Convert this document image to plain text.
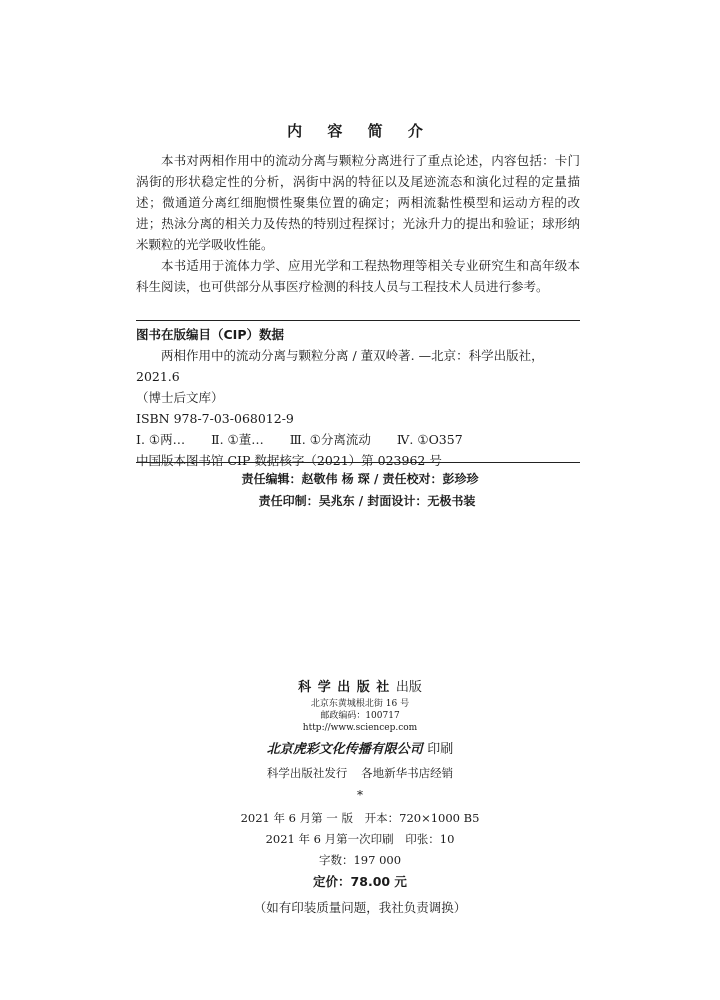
内 容 简 介

本书对两相作用中的流动分离与颗粒分离进行了重点论述，内容包括：卡门涡街的形状稳定性的分析，涡街中涡的特征以及尾迹流态和演化过程的定量描述；微通道分离红细胞惯性聚集位置的确定；两相流黏性模型和运动方程的改进；热泳分离的相关力及传热的特别过程探讨；光泳升力的提出和验证；球形纳米颗粒的光学吸收性能。

本书适用于流体力学、应用光学和工程热物理等相关专业研究生和高年级本科生阅读，也可供部分从事医疗检测的科技人员与工程技术人员进行参考。

图书在版编目（CIP）数据
两相作用中的流动分离与颗粒分离 / 董双岭著. —北京：科学出版社，
2021.6
（博士后文库）
ISBN 978-7-03-068012-9
Ⅰ. ①两… Ⅱ. ①董… Ⅲ. ①分离流动 Ⅳ. ①O357
中国版本图书馆 CIP 数据核字（2021）第 023962 号
责任编辑：赵敬伟 杨 琛 / 责任校对：彭珍珍
责任印制：吴兆东 / 封面设计：无极书装
科 学 出 版 社 出版
北京东黄城根北街 16 号
邮政编码：100717
http://www.sciencep.com
北京虎彩文化传播有限公司 印刷
科学出版社发行 各地新华书店经销
*
2021 年 6 月第 一 版 开本：720×1000 B5
2021 年 6 月第一次印刷 印张：10
字数：197 000
定价：78.00 元
（如有印装质量问题，我社负责调换）
